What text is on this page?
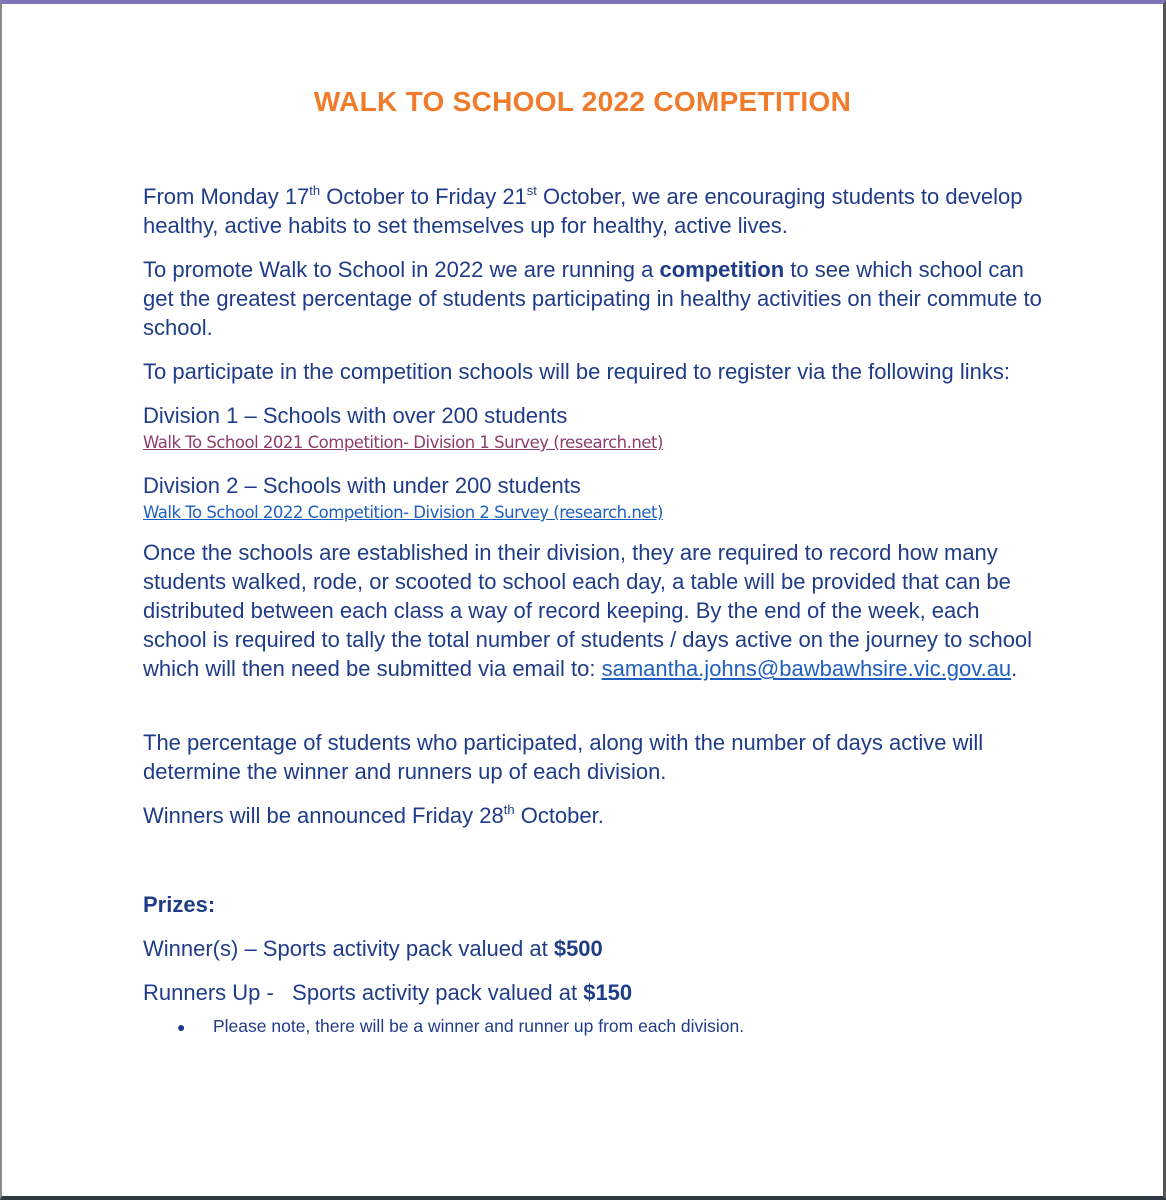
WALK TO SCHOOL 2022 COMPETITION

From Monday 17th October to Friday 21st October, we are encouraging students to develop healthy, active habits to set themselves up for healthy, active lives.

To promote Walk to School in 2022 we are running a competition to see which school can get the greatest percentage of students participating in healthy activities on their commute to school.

To participate in the competition schools will be required to register via the following links:

Division 1 – Schools with over 200 students

Walk To School 2021 Competition- Division 1 Survey (research.net)

Division 2 – Schools with under 200 students

Walk To School 2022 Competition- Division 2 Survey (research.net)

Once the schools are established in their division, they are required to record how many students walked, rode, or scooted to school each day, a table will be provided that can be distributed between each class a way of record keeping. By the end of the week, each school is required to tally the total number of students / days active on the journey to school which will then need be submitted via email to: samantha.johns@bawbawhsire.vic.gov.au.

The percentage of students who participated, along with the number of days active will determine the winner and runners up of each division.

Winners will be announced Friday 28th October.

Prizes:

Winner(s) – Sports activity pack valued at $500

Runners Up -   Sports activity pack valued at $150

●	Please note, there will be a winner and runner up from each division.
